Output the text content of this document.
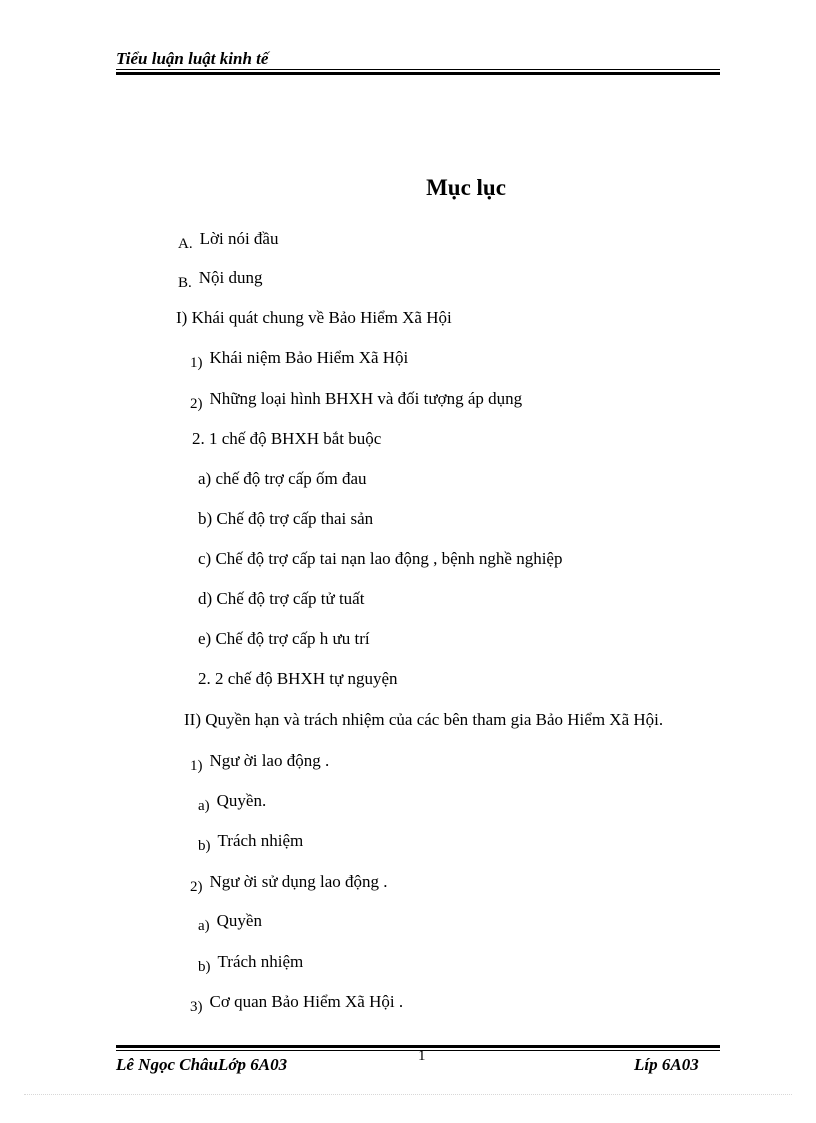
Tiểu luận luật kinh tế
Mục lục
A. Lời nói đầu
B. Nội dung
I) Khái quát chung về Bảo Hiểm Xã Hội
1) Khái niệm Bảo Hiểm Xã Hội
2) Những loại hình BHXH và đối tượng áp dụng
2. 1 chế độ BHXH bắt buộc
a) chế độ trợ cấp ốm đau
b) Chế độ trợ cấp thai sản
c) Chế độ trợ cấp tai nạn lao động , bệnh nghề nghiệp
d) Chế độ trợ cấp tử tuất
e) Chế độ trợ cấp h ưu trí
2. 2 chế độ BHXH tự nguyện
II) Quyền hạn và trách nhiệm của các bên tham gia Bảo Hiểm Xã Hội.
1) Ngư ời lao động .
a) Quyền.
b) Trách nhiệm
2) Ngư ời sử dụng lao động .
a) Quyền
b) Trách nhiệm
3) Cơ quan Bảo Hiểm Xã Hội .
Lê Ngọc ChâuLớp 6A03	1	Líp 6A03
